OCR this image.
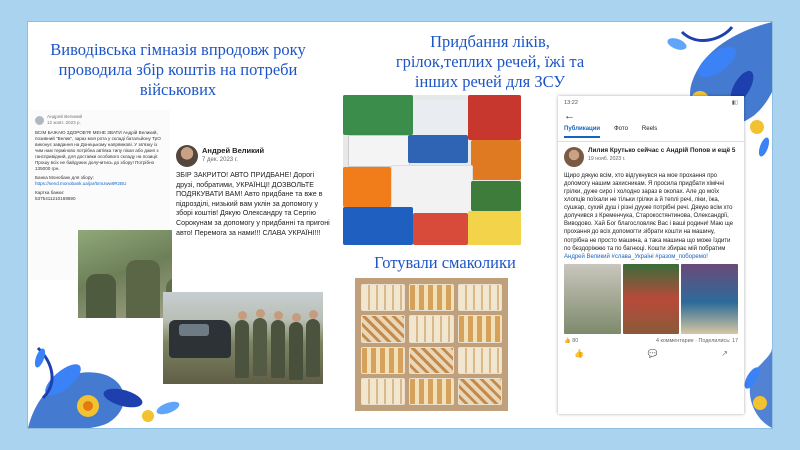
Виводівська гімназія впродовж року проводила збір коштів на потреби військових
Придбання ліків, грілок,теплих речей, їжі та інших речей для ЗСУ
Готували смаколики
Андрей Великий
12 жовт. 2023 р.

ВСІМ БАЖАЮ ЗДОРОВ'Я! МЕНЕ ЗВАТИ Андрій Великий, позивний "Велик", зараз моя рота у складі батальйону ТрО виконує завдання на Донецькому напрямкові. У зв'язку із чим нам терміново потрібна автівка типу пікап або джип з ганспривідний, для доставки особового складу на позиції. Прошу всіх не байдужих долучитись до збору! Потрібно 135000 грн.

Банка Монобанк для збору:
https://send.monobank.ua/jar/5mUww9RzBU

Картка банки:
5375411210169590

Андрей Великий
7 дек. 2023 г.
ЗБІР ЗАКРИТО! АВТО ПРИДБАНЕ! Дорогі друзі, побратими, УКРАЇНЦІ! ДОЗВОЛЬТЕ ПОДЯКУВАТИ ВАМ! Авто придбане та вже в підрозділі, низький вам уклін за допомогу у зборі коштів! Дякую Олександру та Сергію Сорокунам за допомогу у придбанні та пригоні авто! Перемога за нами!!! СЛАВА УКРАЇНІ!!!
13:22	▮▯
←
Публикации Фото Reels
Лилия Крутько сейчас с Андрій Попов и ещё 5
19 нояб. 2023 г.
Щиро дякую всім, хто відгукнувся на мое прохання про допомогу нашим захисникам. Я просила придбати хімічні грілки, дуже сиро і холодно зараз в окопах. Але до моїх хлопців поїхали не тільки грілки а й теплі речі, ліки, їжа, сушкар, сухий душ і різні дууже потрібні речі. Дякую всім хто долучився з Кременчука, Старокостянтинова, Олександрії, Виводово. Хай Бог благословляє Вас і ваші родини! Маю ще прохання до всіх допомогти зібрати кошти на машину, потрібна не просто машина, а така машина що може їздити по бездоріжжю та по багнюці. Кошти збирає мій побратим Андрей Великий #слава_Україні #разом_поборемо!
👍 80	4 комментарие · Поделились: 17
👍	💬	↗
